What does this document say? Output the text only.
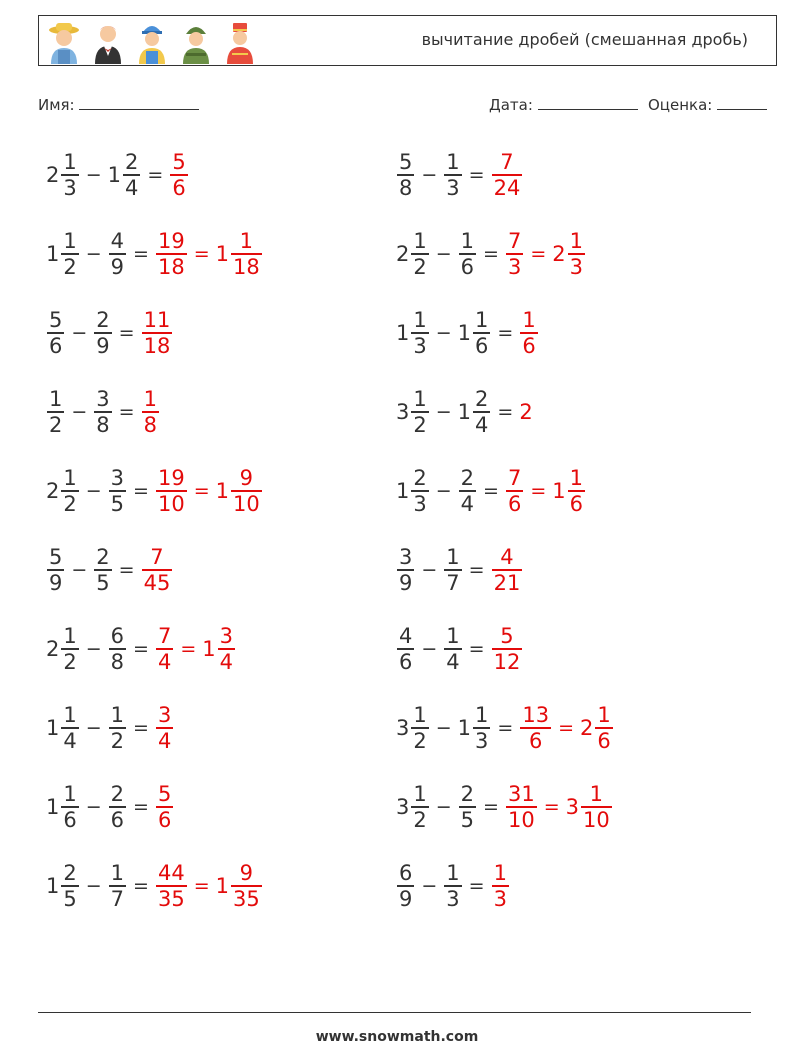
вычитание дробей (смешанная дробь)
Имя:	Дата:	Оценка:
$2 \frac{1}{3} - 1 \frac{2}{4} = \frac{5}{6}$
$1 \frac{1}{2} - \frac{4}{9} = \frac{19}{18} = 1 \frac{1}{18}$
$\frac{5}{6} - \frac{2}{9} = \frac{11}{18}$
$\frac{1}{2} - \frac{3}{8} = \frac{1}{8}$
$2 \frac{1}{2} - \frac{3}{5} = \frac{19}{10} = 1 \frac{9}{10}$
$\frac{5}{9} - \frac{2}{5} = \frac{7}{45}$
$2 \frac{1}{2} - \frac{6}{8} = \frac{7}{4} = 1 \frac{3}{4}$
$1 \frac{1}{4} - \frac{1}{2} = \frac{3}{4}$
$1 \frac{1}{6} - \frac{2}{6} = \frac{5}{6}$
$1 \frac{2}{5} - \frac{1}{7} = \frac{44}{35} = 1 \frac{9}{35}$
$\frac{5}{8} - \frac{1}{3} = \frac{7}{24}$
$2 \frac{1}{2} - \frac{1}{6} = \frac{7}{3} = 2 \frac{1}{3}$
$1 \frac{1}{3} - 1 \frac{1}{6} = \frac{1}{6}$
$3 \frac{1}{2} - 1 \frac{2}{4} = 2$
$1 \frac{2}{3} - \frac{2}{4} = \frac{7}{6} = 1 \frac{1}{6}$
$\frac{3}{9} - \frac{1}{7} = \frac{4}{21}$
$\frac{4}{6} - \frac{1}{4} = \frac{5}{12}$
$3 \frac{1}{2} - 1 \frac{1}{3} = \frac{13}{6} = 2 \frac{1}{6}$
$3 \frac{1}{2} - \frac{2}{5} = \frac{31}{10} = 3 \frac{1}{10}$
$\frac{6}{9} - \frac{1}{3} = \frac{1}{3}$
www.snowmath.com
